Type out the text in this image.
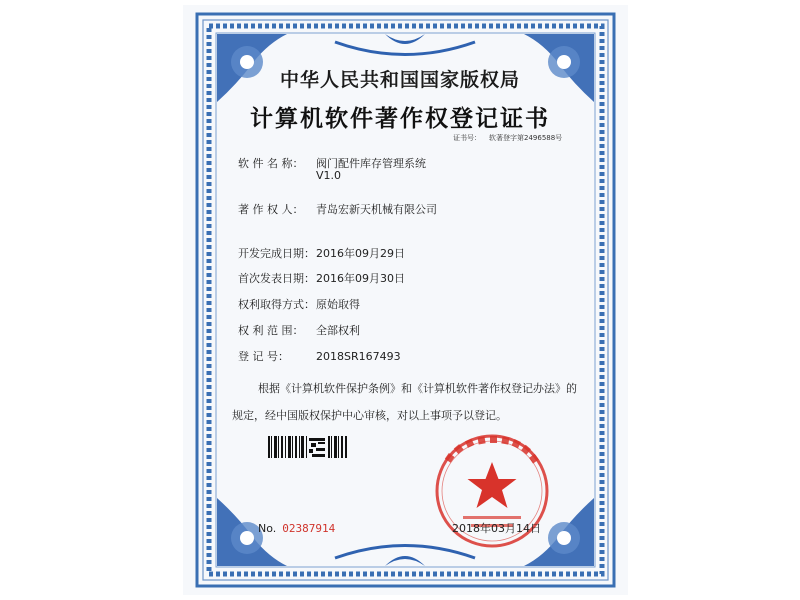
中华人民共和国国家版权局
计算机软件著作权登记证书
证书号： 软著登字第2496588号
软 件 名 称： 阀门配件库存管理系统
V1.0
著 作 权 人： 青岛宏新天机械有限公司
开发完成日期：2016年09月29日
首次发表日期：2016年09月30日
权利取得方式：原始取得
权 利 范 围： 全部权利
登 记 号： 2018SR167493
根据《计算机软件保护条例》和《计算机软件著作权登记办法》的
规定，经中国版权保护中心审核，对以上事项予以登记。
No. 02387914	2018年03月14日
